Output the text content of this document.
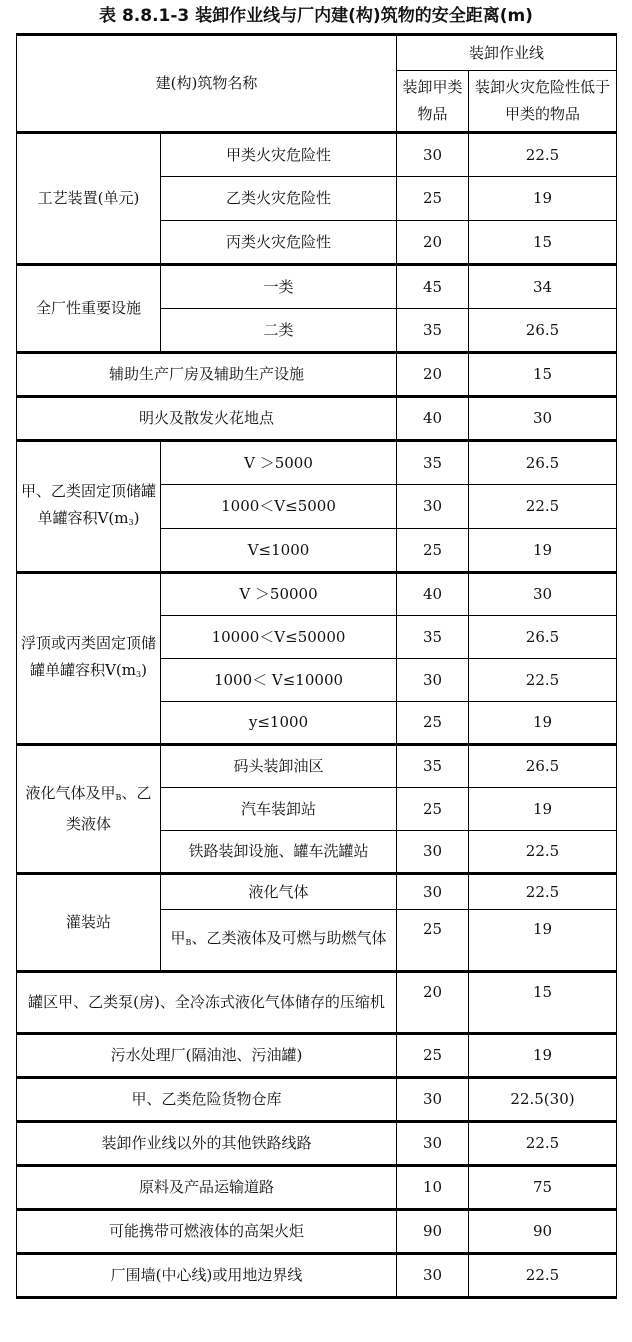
表 8.8.1-3 装卸作业线与厂内建(构)筑物的安全距离(m)
建(构)筑物名称		装卸作业线	
		装卸甲类物品	装卸火灾危险性低于甲类的物品
工艺装置(单元)	甲类火灾危险性	30	22.5
	乙类火灾危险性	25	19
	丙类火灾危险性	20	15
全厂性重要设施	一类	45	34
	二类	35	26.5
辅助生产厂房及辅助生产设施		20	15
明火及散发火花地点		40	30
甲、乙类固定顶储罐单罐容积$V(m^3)$	V ＞5000	35	26.5
	1000＜V≤5000	30	22.5
	V≤1000	25	19
浮顶或丙类固定顶储罐单罐容积$V(m^3)$	V ＞50000	40	30
	10000＜V≤50000	35	26.5
	1000＜ V≤10000	30	22.5
	y≤1000	25	19
液化气体及甲$_B$、乙类液体	码头装卸油区	35	26.5
	汽车装卸站	25	19
	铁路装卸设施、罐车洗罐站	30	22.5
灌装站	液化气体	30	22.5
	甲$_B$、乙类液体及可燃与助燃气体	25	19
罐区甲、乙类泵(房)、全冷冻式液化气体储存的压缩机		20	15
污水处理厂(隔油池、污油罐)		25	19
甲、乙类危险货物仓库		30	22.5(30)
装卸作业线以外的其他铁路线路		30	22.5
原料及产品运输道路		10	75
可能携带可燃液体的高架火炬		90	90
厂围墙(中心线)或用地边界线		30	22.5
